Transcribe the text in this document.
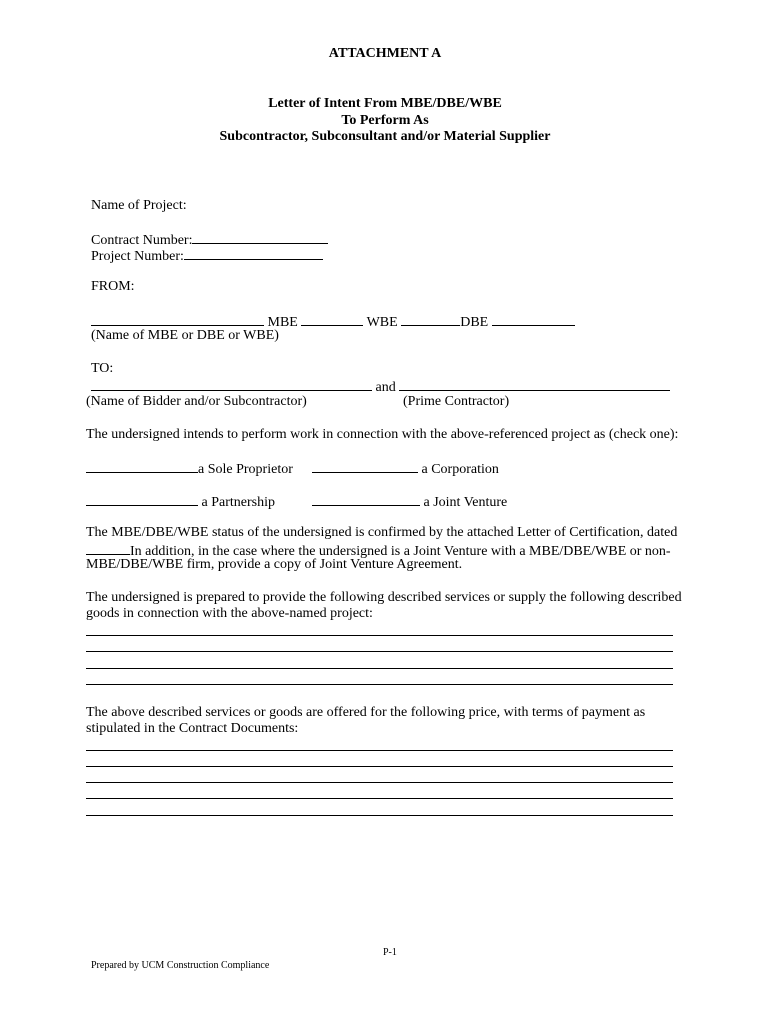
ATTACHMENT A
Letter of Intent From MBE/DBE/WBE
To Perform As
Subcontractor, Subconsultant and/or Material Supplier
Name of Project:
Contract Number:
Project Number:
FROM:
MBE	WBE	DBE
(Name of MBE or DBE or WBE)
TO:
and
(Name of Bidder and/or Subcontractor)	(Prime Contractor)
The undersigned intends to perform work in connection with the above-referenced project as (check one):
a Sole Proprietor	a Corporation
a Partnership	a Joint Venture
The MBE/DBE/WBE status of the undersigned is confirmed by the attached Letter of Certification, dated
In addition, in the case where the undersigned is a Joint Venture with a MBE/DBE/WBE or non-
MBE/DBE/WBE firm, provide a copy of Joint Venture Agreement.
The undersigned is prepared to provide the following described services or supply the following described
goods in connection with the above-named project:
The above described services or goods are offered for the following price, with terms of payment as
stipulated in the Contract Documents:
P-1
Prepared by UCM Construction Compliance
